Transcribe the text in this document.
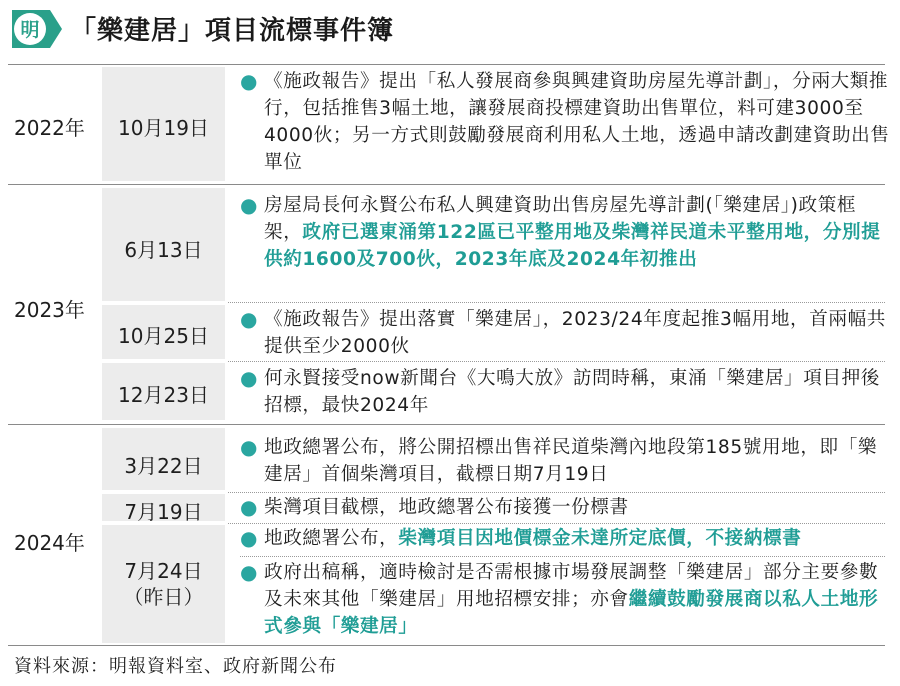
明 「樂建居」項目流標事件簿
2022年	10月19日
● 《施政報告》提出「私人發展商參與興建資助房屋先導計劃」，分兩大類推行，包括推售3幅土地，讓發展商投標建資助出售單位，料可建3000至4000伙；另一方式則鼓勵發展商利用私人土地，透過申請改劃建資助出售單位
2023年
6月13日
● 房屋局長何永賢公布私人興建資助出售房屋先導計劃(「樂建居」)政策框架，政府已選東涌第122區已平整用地及柴灣祥民道未平整用地，分別提供約1600及700伙，2023年底及2024年初推出
10月25日
● 《施政報告》提出落實「樂建居」，2023/24年度起推3幅用地，首兩幅共提供至少2000伙
12月23日
● 何永賢接受now新聞台《大鳴大放》訪問時稱，東涌「樂建居」項目押後招標，最快2024年
2024年
3月22日
● 地政總署公布，將公開招標出售祥民道柴灣內地段第185號用地，即「樂建居」首個柴灣項目，截標日期7月19日
7月19日	● 柴灣項目截標，地政總署公布接獲一份標書
7月24日
（昨日）
● 地政總署公布，柴灣項目因地價標金未達所定底價，不接納標書
● 政府出稿稱，適時檢討是否需根據市場發展調整「樂建居」部分主要參數及未來其他「樂建居」用地招標安排；亦會繼續鼓勵發展商以私人土地形式參與「樂建居」
資料來源：明報資料室、政府新聞公布
